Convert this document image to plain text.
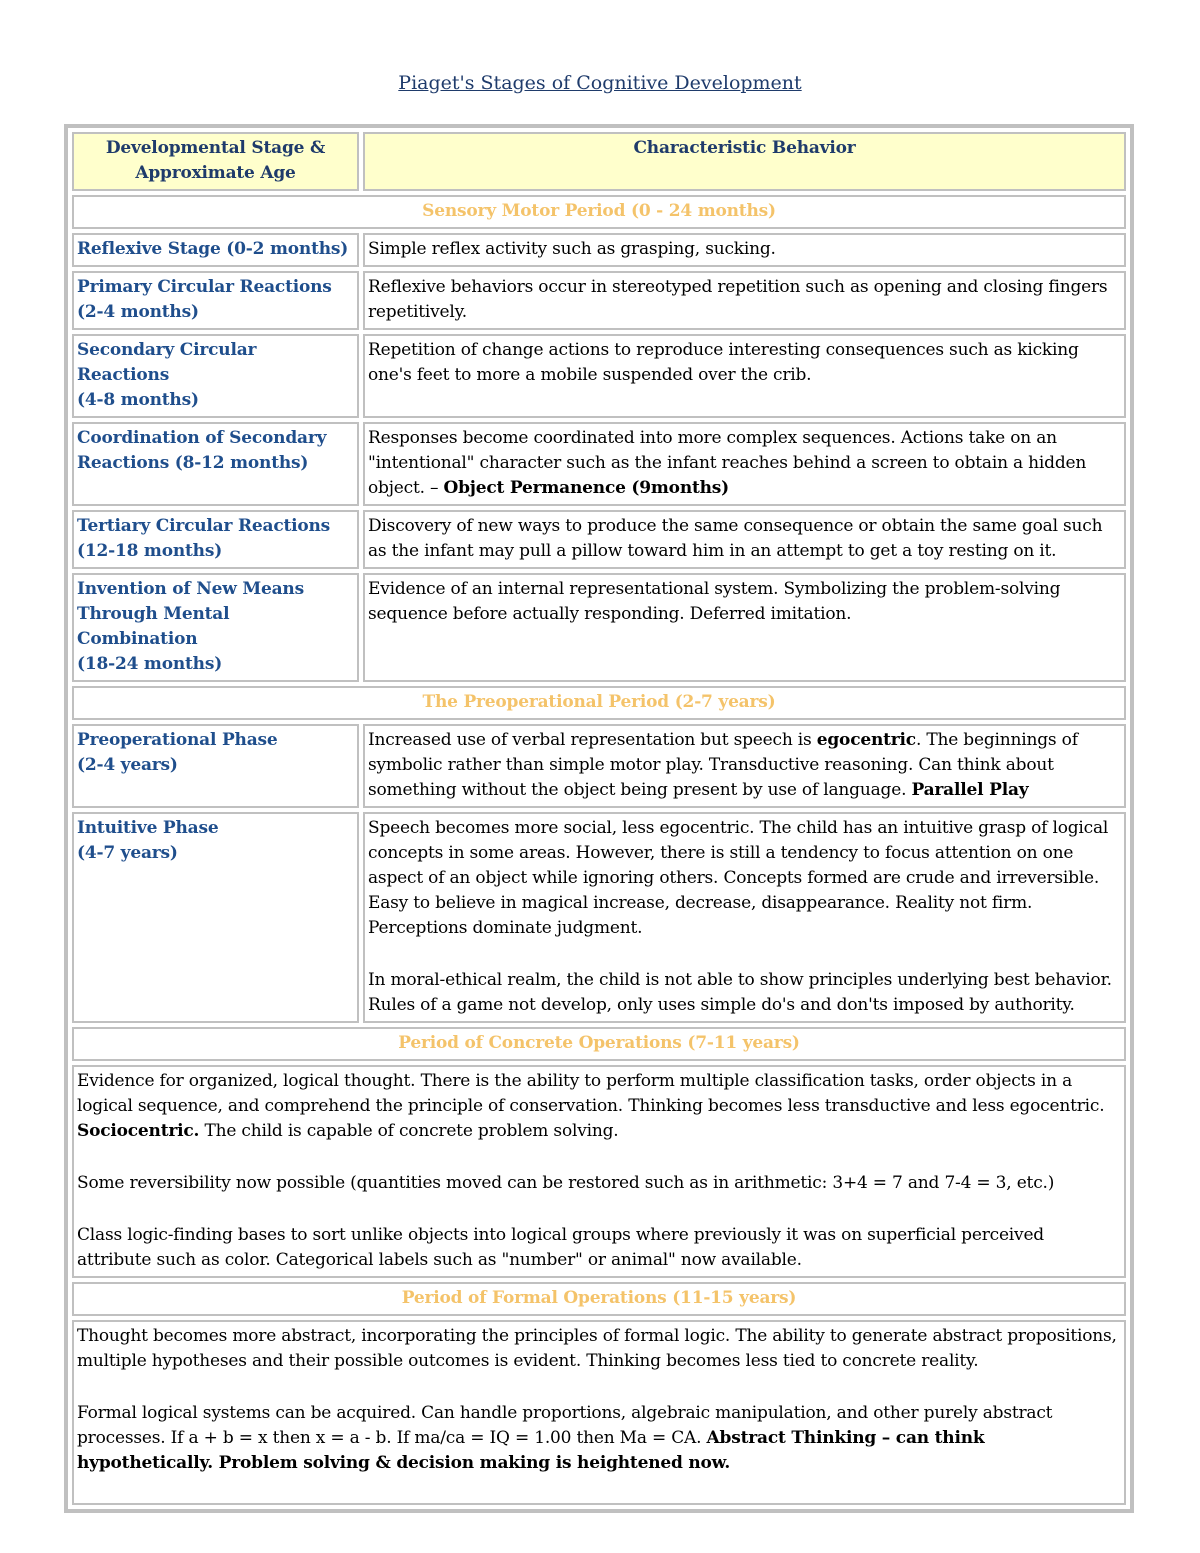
Piaget's Stages of Cognitive Development
Developmental Stage &
Approximate Age	Characteristic Behavior
Sensory Motor Period (0 - 24 months)	
Reflexive Stage (0-2 months)	Simple reflex activity such as grasping, sucking.

Primary Circular Reactions
(2-4 months)	Reflexive behaviors occur in stereotyped repetition such as opening and closing fingers repetitively.

Secondary Circular Reactions
(4-8 months)	Repetition of change actions to reproduce interesting consequences such as kicking one's feet to more a mobile suspended over the crib.

Coordination of Secondary
Reactions (8-12 months)	Responses become coordinated into more complex sequences. Actions take on an "intentional" character such as the infant reaches behind a screen to obtain a hidden object. – Object Permanence (9months)

Tertiary Circular Reactions
(12-18 months)	Discovery of new ways to produce the same consequence or obtain the same goal such as the infant may pull a pillow toward him in an attempt to get a toy resting on it.

Invention of New Means
Through Mental Combination
(18-24 months)	Evidence of an internal representational system. Symbolizing the problem-solving sequence before actually responding. Deferred imitation.
The Preoperational Period (2-7 years)	

Preoperational Phase
(2-4 years)	Increased use of verbal representation but speech is egocentric. The beginnings of symbolic rather than simple motor play. Transductive reasoning. Can think about something without the object being present by use of language. Parallel Play

Intuitive Phase
(4-7 years)	Speech becomes more social, less egocentric. The child has an intuitive grasp of logical concepts in some areas. However, there is still a tendency to focus attention on one aspect of an object while ignoring others. Concepts formed are crude and irreversible. Easy to believe in magical increase, decrease, disappearance. Reality not firm. Perceptions dominate judgment.
In moral-ethical realm, the child is not able to show principles underlying best behavior. Rules of a game not develop, only uses simple do's and don'ts imposed by authority.

Period of Concrete Operations (7-11 years)	

Evidence for organized, logical thought. There is the ability to perform multiple classification tasks, order objects in a logical sequence, and comprehend the principle of conservation. Thinking becomes less transductive and less egocentric.
Sociocentric. The child is capable of concrete problem solving.
Some reversibility now possible (quantities moved can be restored such as in arithmetic: 3+4 = 7 and 7-4 = 3, etc.)
Class logic-finding bases to sort unlike objects into logical groups where previously it was on superficial perceived attribute such as color. Categorical labels such as "number" or animal" now available.	

Period of Formal Operations (11-15 years)	

Thought becomes more abstract, incorporating the principles of formal logic. The ability to generate abstract propositions, multiple hypotheses and their possible outcomes is evident. Thinking becomes less tied to concrete reality.
Formal logical systems can be acquired. Can handle proportions, algebraic manipulation, and other purely abstract processes. If a + b = x then x = a - b. If ma/ca = IQ = 1.00 then Ma = CA. Abstract Thinking – can think hypothetically. Problem solving & decision making is heightened now.	
